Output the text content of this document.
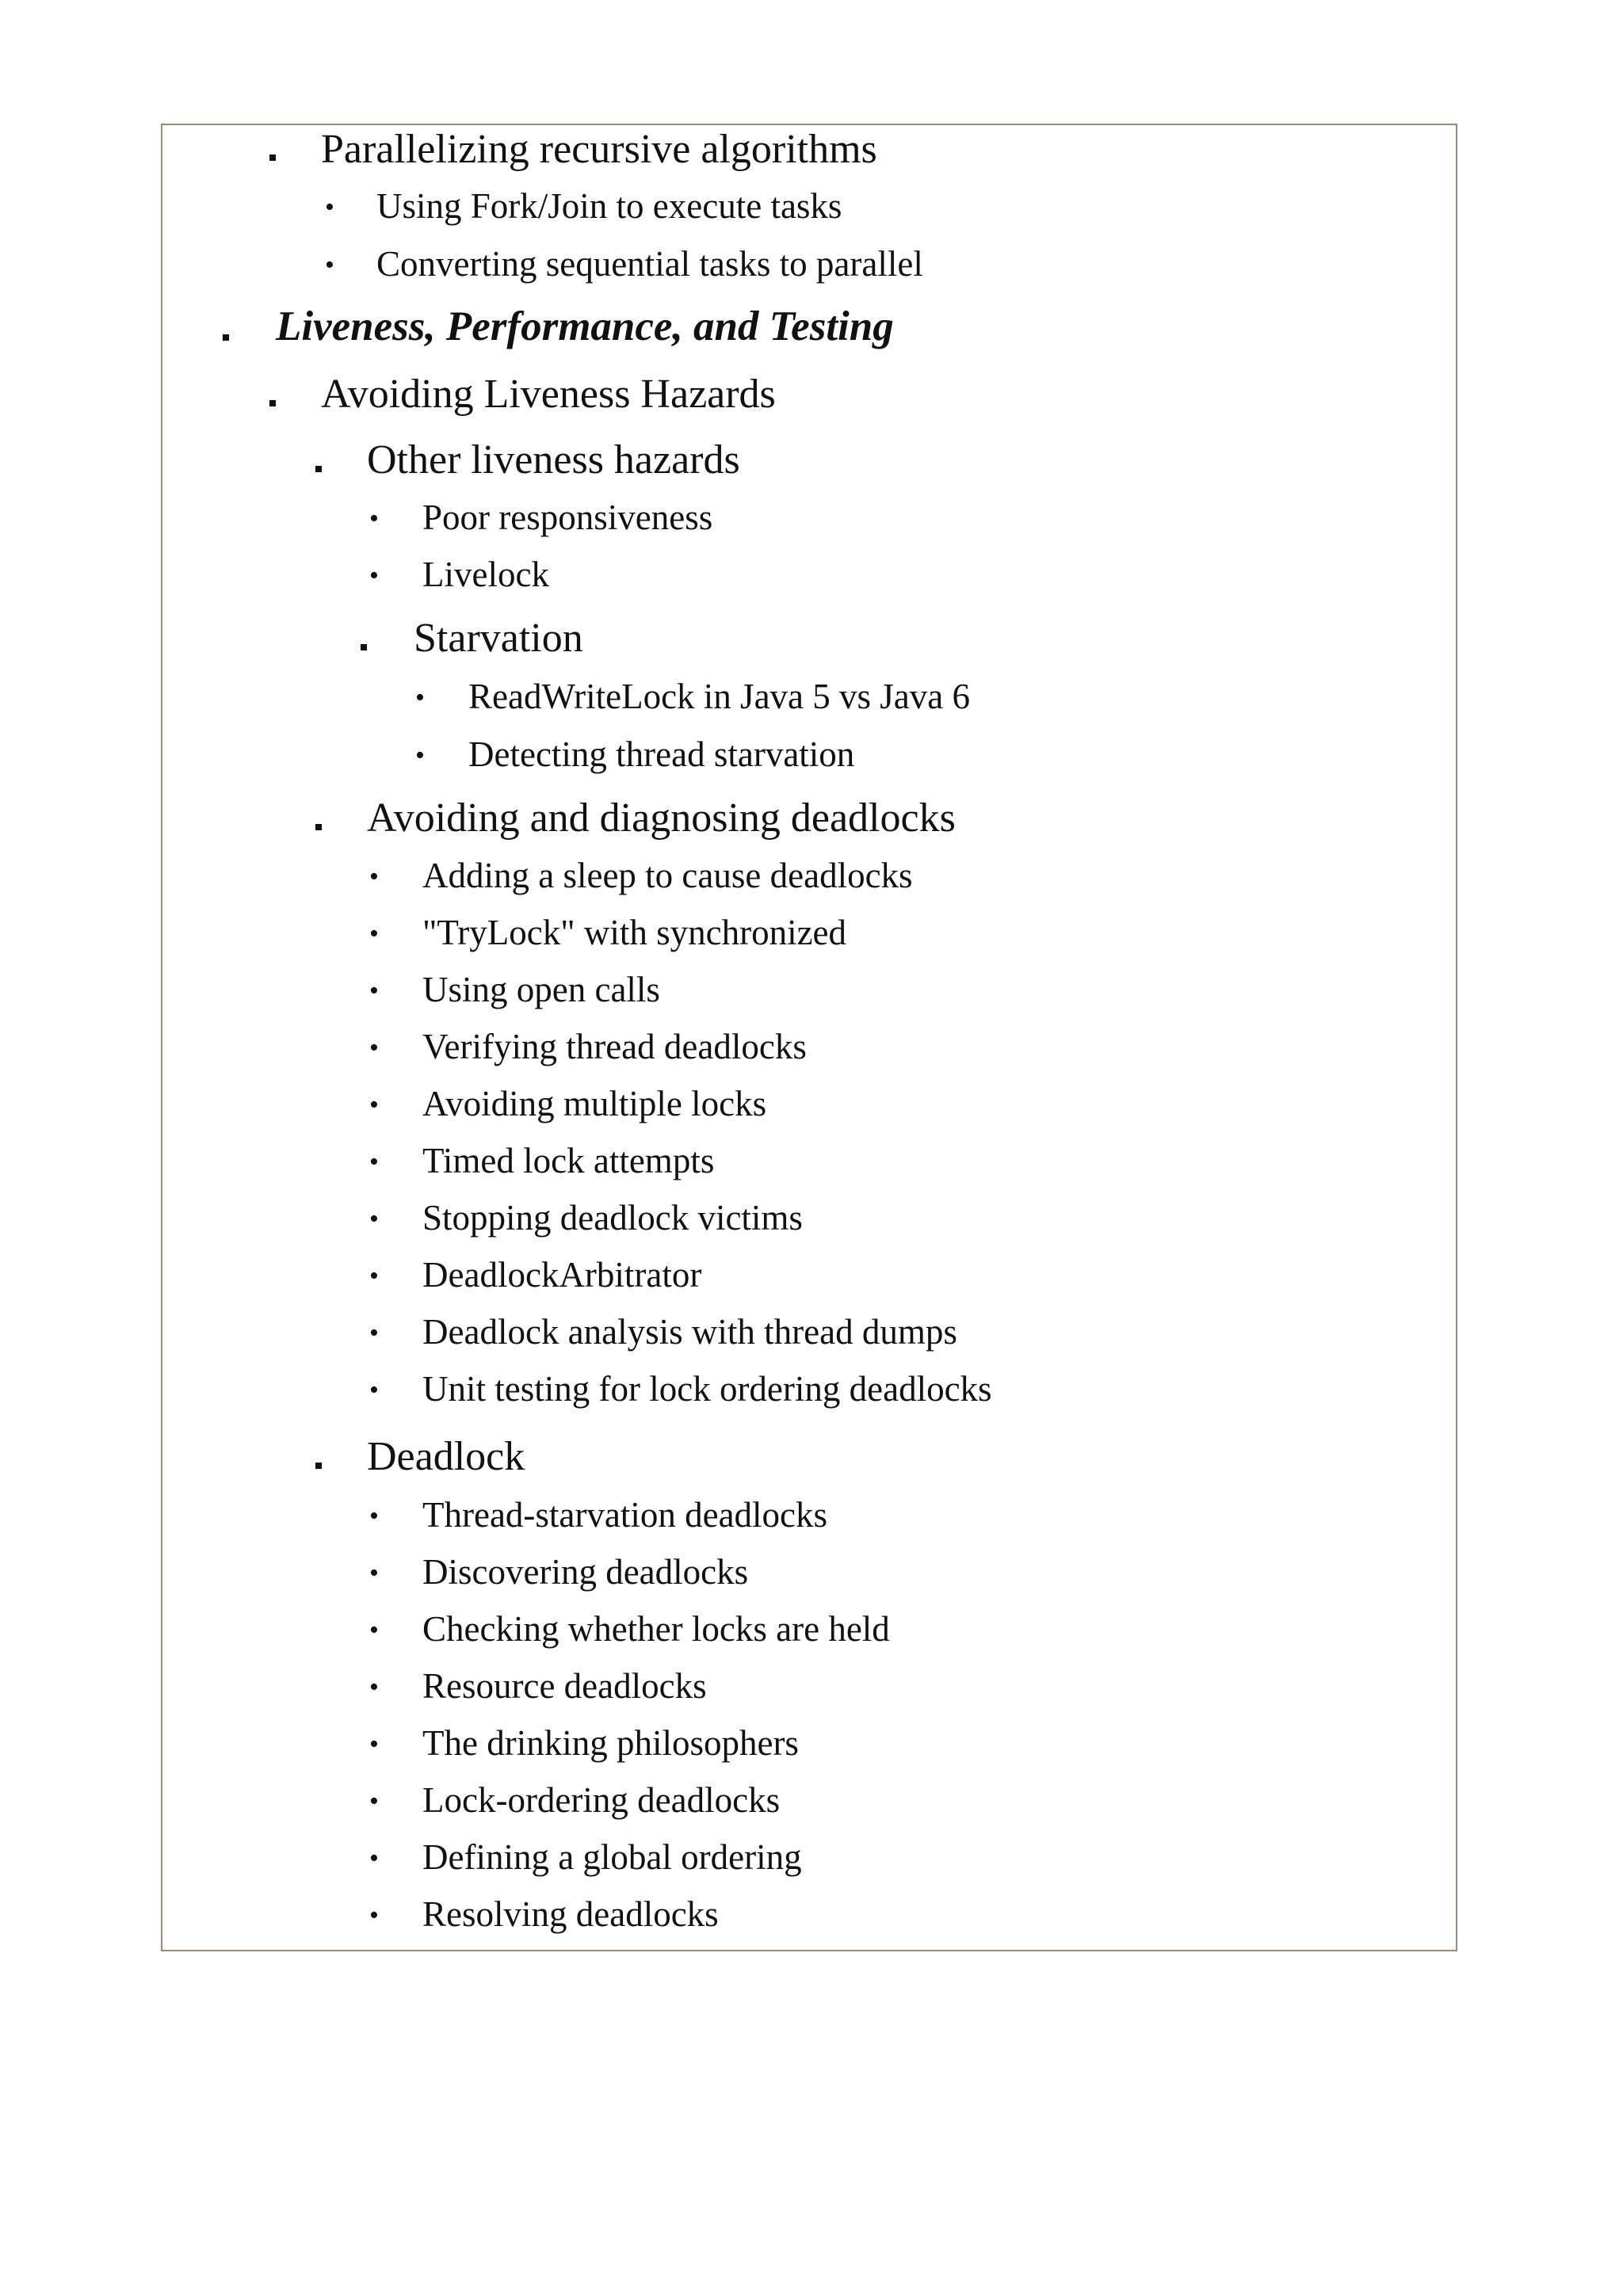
Parallelizing recursive algorithms
• Using Fork/Join to execute tasks
• Converting sequential tasks to parallel
Liveness, Performance, and Testing
Avoiding Liveness Hazards
Other liveness hazards
• Poor responsiveness
• Livelock
Starvation
• ReadWriteLock in Java 5 vs Java 6
• Detecting thread starvation
Avoiding and diagnosing deadlocks
• Adding a sleep to cause deadlocks
• "TryLock" with synchronized
• Using open calls
• Verifying thread deadlocks
• Avoiding multiple locks
• Timed lock attempts
• Stopping deadlock victims
• DeadlockArbitrator
• Deadlock analysis with thread dumps
• Unit testing for lock ordering deadlocks
Deadlock
• Thread-starvation deadlocks
• Discovering deadlocks
• Checking whether locks are held
• Resource deadlocks
• The drinking philosophers
• Lock-ordering deadlocks
• Defining a global ordering
• Resolving deadlocks
